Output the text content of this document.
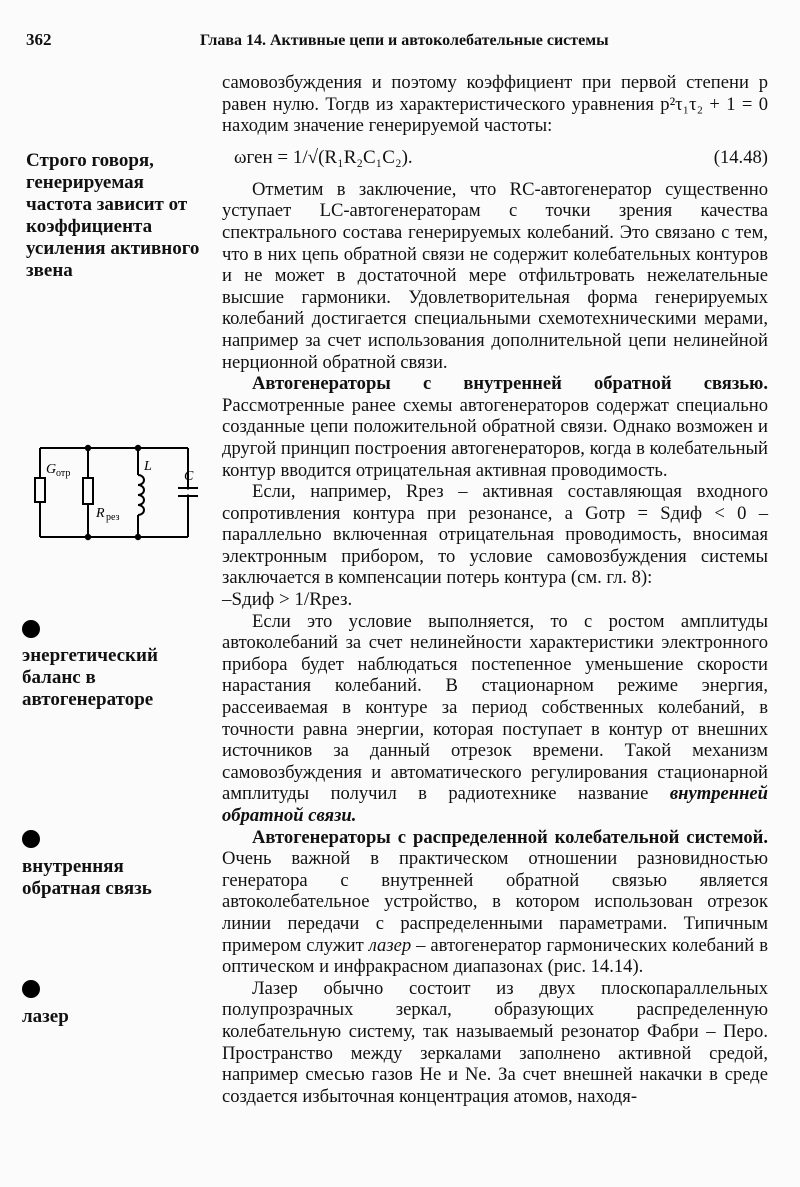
362	Глава 14. Активные цепи и автоколебательные системы
Строго говоря, генерируемая частота зависит от коэффициента усиления активного звена
G отр
R рез
L
C
энергетический баланс в автогенераторе
внутренняя обратная связь
лазер

самовозбуждения и поэтому коэффициент при первой степени p равен нулю. Тогдв из характеристического уравнения p²τ₁τ₂ + 1 = 0 находим значение генерируемой частоты:

ωген = 1/√(R₁R₂C₁C₂).	(14.48)

Отметим в заключение, что RC-автогенератор существенно уступает LC-автогенераторам с точки зрения качества спектрального состава генерируемых колебаний. Это связано с тем, что в них цепь обратной связи не содержит колебательных контуров и не может в достаточной мере отфильтровать нежелательные высшие гармоники. Удовлетворительная форма генерируемых колебаний достигается специальными схемотехническими мерами, например за счет использования дополнительной цепи нелинейной нерционной обратной связи.

Автогенераторы с внутренней обратной связью. Рассмотренные ранее схемы автогенераторов содержат специально созданные цепи положительной обратной связи. Однако возможен и другой принцип построения автогенераторов, когда в колебательный контур вводится отрицательная активная проводимость.

Если, например, Rрез – активная составляющая входного сопротивления контура при резонансе, а Gотр = Sдиф < 0 – параллельно включенная отрицательная проводимость, вносимая электронным прибором, то условие самовозбуждения системы заключается в компенсации потерь контура (см. гл. 8):

–Sдиф > 1/Rрез.

Если это условие выполняется, то с ростом амплитуды автоколебаний за счет нелинейности характеристики электронного прибора будет наблюдаться постепенное уменьшение скорости нарастания колебаний. В стационарном режиме энергия, рассеиваемая в контуре за период собственных колебаний, в точности равна энергии, которая поступает в контур от внешних источников за данный отрезок времени. Такой механизм самовозбуждения и автоматического регулирования стационарной амплитуды получил в радиотехнике название внутренней обратной связи.

Автогенераторы с распределенной колебательной системой. Очень важной в практическом отношении разновидностью генератора с внутренней обратной связью является автоколебательное устройство, в котором использован отрезок линии передачи с распределенными параметрами. Типичным примером служит лазер – автогенератор гармонических колебаний в оптическом и инфракрасном диапазонах (рис. 14.14).

Лазер обычно состоит из двух плоскопараллельных полупрозрачных зеркал, образующих распределенную колебательную систему, так называемый резонатор Фабри – Перо. Пространство между зеркалами заполнено активной средой, например смесью газов He и Ne. За счет внешней накачки в среде создается избыточная концентрация атомов, находя-
